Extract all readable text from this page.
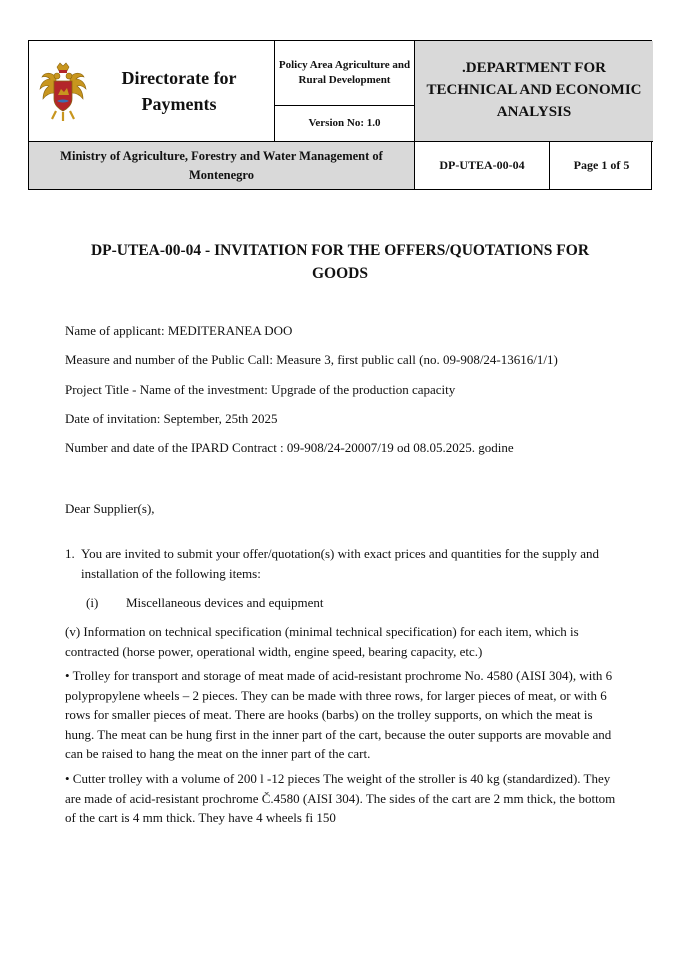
Directorate for Payments
Policy Area Agriculture and Rural Development
Version No: 1.0
.DEPARTMENT FOR TECHNICAL AND ECONOMIC ANALYSIS
Ministry of Agriculture, Forestry and Water Management of Montenegro
DP-UTEA-00-04	Page 1 of 5
DP-UTEA-00-04 - INVITATION FOR THE OFFERS/QUOTATIONS FOR GOODS
Name of applicant: MEDITERANEA DOO
Measure and number of the Public Call: Measure 3, first public call (no. 09-908/24-13616/1/1)
Project Title - Name of the investment: Upgrade of the production capacity
Date of invitation: September, 25th 2025
Number and date of the IPARD Contract : 09-908/24-20007/19 od 08.05.2025. godine
Dear Supplier(s),
1. You are invited to submit your offer/quotation(s) with exact prices and quantities for the supply and installation of the following items:
(i) Miscellaneous devices and equipment
(v) Information on technical specification (minimal technical specification) for each item, which is contracted (horse power, operational width, engine speed, bearing capacity, etc.)
• Trolley for transport and storage of meat made of acid-resistant prochrome No. 4580 (AISI 304), with 6 polypropylene wheels – 2 pieces. They can be made with three rows, for larger pieces of meat, or with 6 rows for smaller pieces of meat. There are hooks (barbs) on the trolley supports, on which the meat is hung. The meat can be hung first in the inner part of the cart, because the outer supports are movable and can be raised to hang the meat on the inner part of the cart.
• Cutter trolley with a volume of 200 l -12 pieces The weight of the stroller is 40 kg (standardized). They are made of acid-resistant prochrome Č.4580 (AISI 304). The sides of the cart are 2 mm thick, the bottom of the cart is 4 mm thick. They have 4 wheels fi 150
